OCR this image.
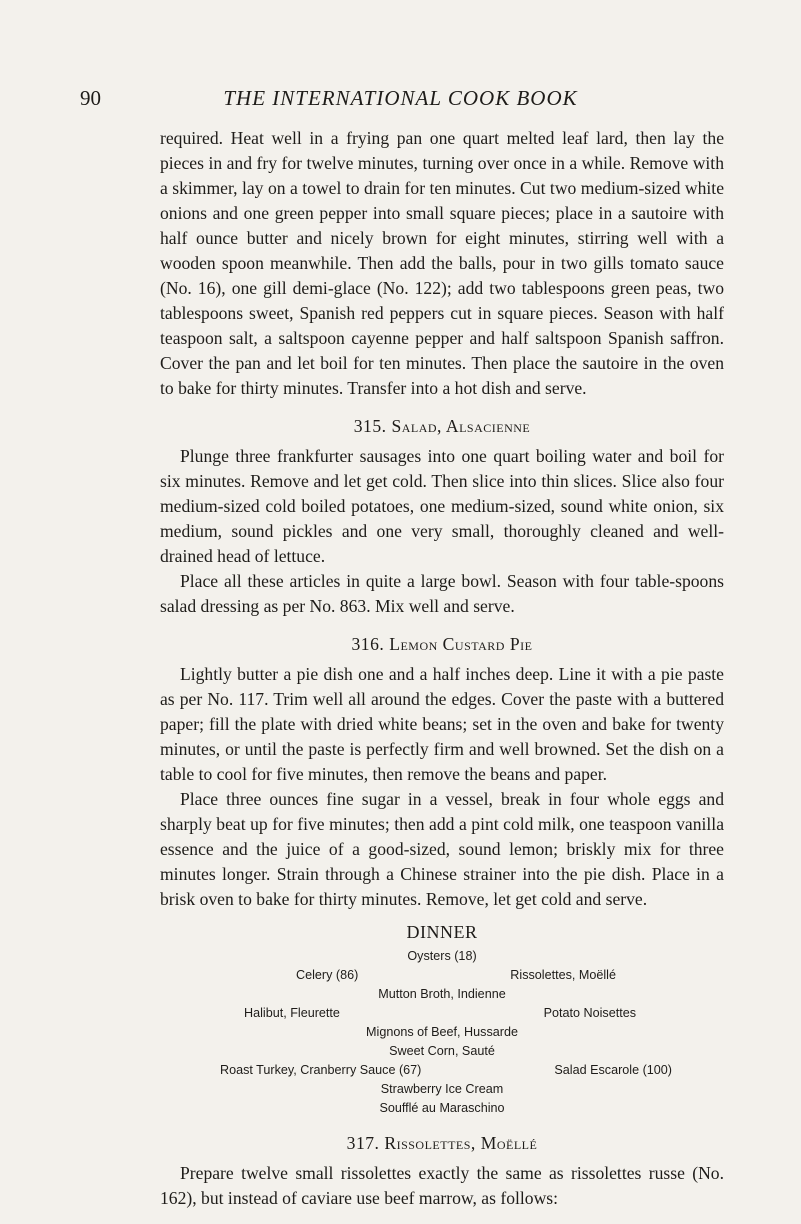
90	THE INTERNATIONAL COOK BOOK

required. Heat well in a frying pan one quart melted leaf lard, then lay the pieces in and fry for twelve minutes, turning over once in a while. Remove with a skimmer, lay on a towel to drain for ten minutes. Cut two medium-sized white onions and one green pepper into small square pieces; place in a sautoire with half ounce butter and nicely brown for eight minutes, stirring well with a wooden spoon meanwhile. Then add the balls, pour in two gills tomato sauce (No. 16), one gill demi-glace (No. 122); add two tablespoons green peas, two tablespoons sweet, Spanish red peppers cut in square pieces. Season with half teaspoon salt, a saltspoon cayenne pepper and half saltspoon Spanish saffron. Cover the pan and let boil for ten minutes. Then place the sautoire in the oven to bake for thirty minutes. Transfer into a hot dish and serve.

315. Salad, Alsacienne

Plunge three frankfurter sausages into one quart boiling water and boil for six minutes. Remove and let get cold. Then slice into thin slices. Slice also four medium-sized cold boiled potatoes, one medium-sized, sound white onion, six medium, sound pickles and one very small, thoroughly cleaned and well-drained head of lettuce.

Place all these articles in quite a large bowl. Season with four table-spoons salad dressing as per No. 863. Mix well and serve.

316. Lemon Custard Pie

Lightly butter a pie dish one and a half inches deep. Line it with a pie paste as per No. 117. Trim well all around the edges. Cover the paste with a buttered paper; fill the plate with dried white beans; set in the oven and bake for twenty minutes, or until the paste is perfectly firm and well browned. Set the dish on a table to cool for five minutes, then remove the beans and paper.

Place three ounces fine sugar in a vessel, break in four whole eggs and sharply beat up for five minutes; then add a pint cold milk, one teaspoon vanilla essence and the juice of a good-sized, sound lemon; briskly mix for three minutes longer. Strain through a Chinese strainer into the pie dish. Place in a brisk oven to bake for thirty minutes. Remove, let get cold and serve.

DINNER
Oysters (18)
Celery (86)	Rissolettes, Moëllé
Mutton Broth, Indienne
Halibut, Fleurette	Potato Noisettes
Mignons of Beef, Hussarde
Sweet Corn, Sauté
Roast Turkey, Cranberry Sauce (67)	Salad Escarole (100)
Strawberry Ice Cream
Soufflé au Maraschino
317. Rissolettes, Moëllé

Prepare twelve small rissolettes exactly the same as rissolettes russe (No. 162), but instead of caviare use beef marrow, as follows:
